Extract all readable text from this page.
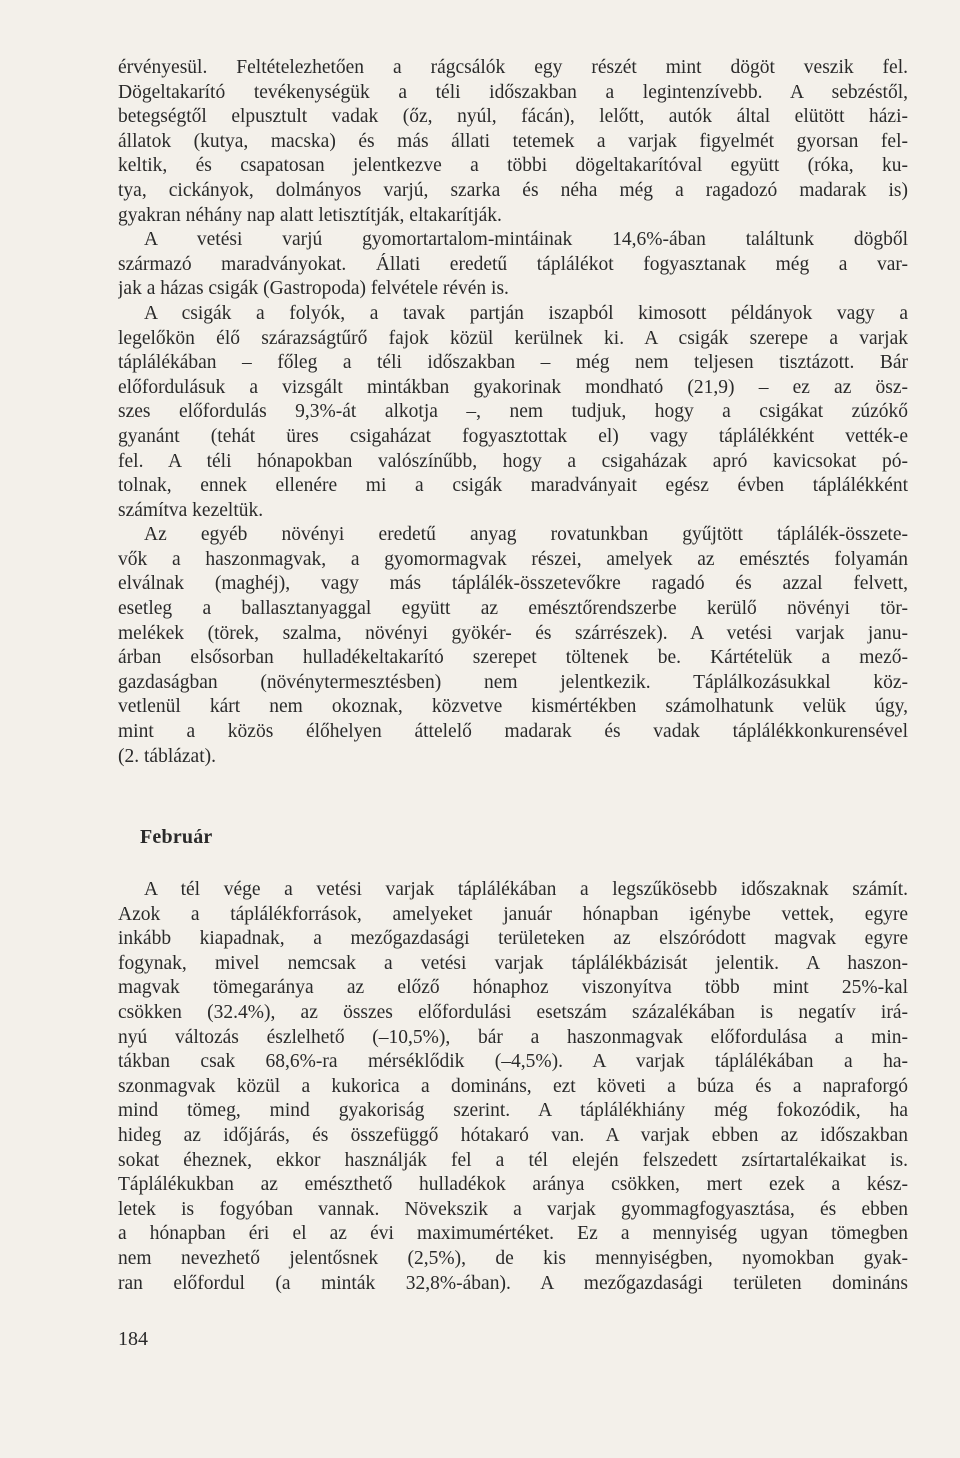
érvényesül. Feltételezhetően a rágcsálók egy részét mint dögöt veszik fel.
Dögeltakarító tevékenységük a téli időszakban a legintenzívebb. A sebzéstől,
betegségtől elpusztult vadak (őz, nyúl, fácán), lelőtt, autók által elütött házi-
állatok (kutya, macska) és más állati tetemek a varjak figyelmét gyorsan fel-
keltik, és csapatosan jelentkezve a többi dögeltakarítóval együtt (róka, ku-
tya, cickányok, dolmányos varjú, szarka és néha még a ragadozó madarak is)
gyakran néhány nap alatt letisztítják, eltakarítják.
A vetési varjú gyomortartalom-mintáinak 14,6%-ában találtunk dögből
származó maradványokat. Állati eredetű táplálékot fogyasztanak még a var-
jak a házas csigák (Gastropoda) felvétele révén is.
A csigák a folyók, a tavak partján iszapból kimosott példányok vagy a
legelőkön élő szárazságtűrő fajok közül kerülnek ki. A csigák szerepe a varjak
táplálékában – főleg a téli időszakban – még nem teljesen tisztázott. Bár
előfordulásuk a vizsgált mintákban gyakorinak mondható (21,9) – ez az ösz-
szes előfordulás 9,3%-át alkotja –, nem tudjuk, hogy a csigákat zúzókő
gyanánt (tehát üres csigaházat fogyasztottak el) vagy táplálékként vették-e
fel. A téli hónapokban valószínűbb, hogy a csigaházak apró kavicsokat pó-
tolnak, ennek ellenére mi a csigák maradványait egész évben táplálékként
számítva kezeltük.
Az egyéb növényi eredetű anyag rovatunkban gyűjtött táplálék-összete-
vők a haszonmagvak, a gyomormagvak részei, amelyek az emésztés folyamán
elválnak (maghéj), vagy más táplálék-összetevőkre ragadó és azzal felvett,
esetleg a ballasztanyaggal együtt az emésztőrendszerbe kerülő növényi tör-
melékek (törek, szalma, növényi gyökér- és szárrészek). A vetési varjak janu-
árban elsősorban hulladékeltakarító szerepet töltenek be. Kártételük a mező-
gazdaságban (növénytermesztésben) nem jelentkezik. Táplálkozásukkal köz-
vetlenül kárt nem okoznak, közvetve kismértékben számolhatunk velük úgy,
mint a közös élőhelyen áttelelő madarak és vadak táplálékkonkurensével
(2. táblázat).
Február
A tél vége a vetési varjak táplálékában a legszűkösebb időszaknak számít.
Azok a táplálékforrások, amelyeket január hónapban igénybe vettek, egyre
inkább kiapadnak, a mezőgazdasági területeken az elszóródott magvak egyre
fogynak, mivel nemcsak a vetési varjak táplálékbázisát jelentik. A haszon-
magvak tömegaránya az előző hónaphoz viszonyítva több mint 25%-kal
csökken (32.4%), az összes előfordulási esetszám százalékában is negatív irá-
nyú változás észlelhető (–10,5%), bár a haszonmagvak előfordulása a min-
tákban csak 68,6%-ra mérséklődik (–4,5%). A varjak táplálékában a ha-
szonmagvak közül a kukorica a domináns, ezt követi a búza és a napraforgó
mind tömeg, mind gyakoriság szerint. A táplálékhiány még fokozódik, ha
hideg az időjárás, és összefüggő hótakaró van. A varjak ebben az időszakban
sokat éheznek, ekkor használják fel a tél elején felszedett zsírtartalékaikat is.
Táplálékukban az emészthető hulladékok aránya csökken, mert ezek a kész-
letek is fogyóban vannak. Növekszik a varjak gyommagfogyasztása, és ebben
a hónapban éri el az évi maximumértéket. Ez a mennyiség ugyan tömegben
nem nevezhető jelentősnek (2,5%), de kis mennyiségben, nyomokban gyak-
ran előfordul (a minták 32,8%-ában). A mezőgazdasági területen domináns
184
